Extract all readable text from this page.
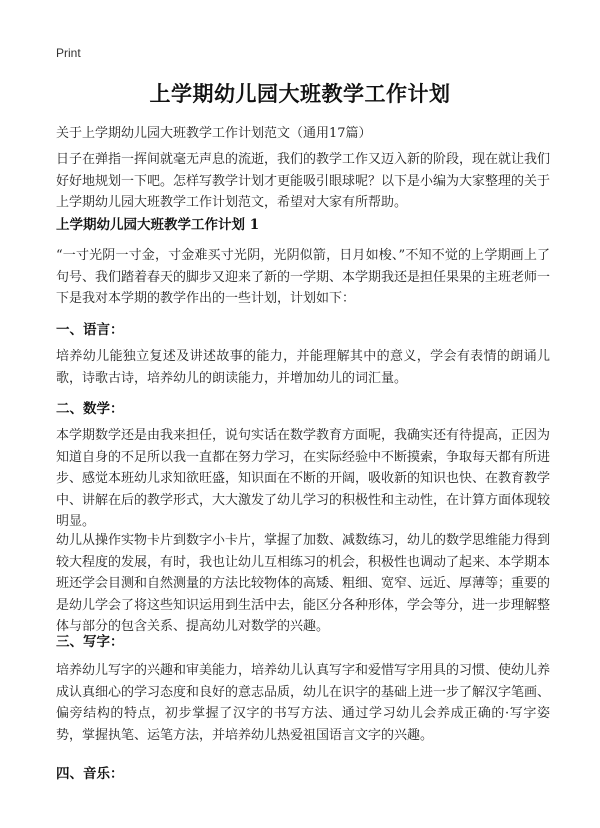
Print
上学期幼儿园大班教学工作计划
关于上学期幼儿园大班教学工作计划范文（通用17篇）
日子在弹指一挥间就毫无声息的流逝，我们的教学工作又迈入新的阶段，现在就让我们好好地规划一下吧。怎样写教学计划才更能吸引眼球呢？以下是小编为大家整理的关于上学期幼儿园大班教学工作计划范文，希望对大家有所帮助。
上学期幼儿园大班教学工作计划 1
“一寸光阴一寸金，寸金难买寸光阴，光阴似箭，日月如梭、”不知不觉的上学期画上了句号、我们踏着春天的脚步又迎来了新的一学期、本学期我还是担任果果的主班老师一下是我对本学期的教学作出的一些计划，计划如下：
一、语言：
培养幼儿能独立复述及讲述故事的能力，并能理解其中的意义，学会有表情的朗诵儿歌，诗歌古诗，培养幼儿的朗读能力，并增加幼儿的词汇量。
二、数学：
本学期数学还是由我来担任，说句实话在数学教育方面呢，我确实还有待提高，正因为知道自身的不足所以我一直都在努力学习，在实际经验中不断摸索，争取每天都有所进步、感觉本班幼儿求知欲旺盛，知识面在不断的开阔，吸收新的知识也快、在教育教学中、讲解在后的教学形式，大大激发了幼儿学习的积极性和主动性，在计算方面体现较明显。
幼儿从操作实物卡片到数字小卡片，掌握了加数、减数练习，幼儿的数学思维能力得到较大程度的发展，有时，我也让幼儿互相练习的机会，积极性也调动了起来、本学期本班还学会目测和自然测量的方法比较物体的高矮、粗细、宽窄、远近、厚薄等；重要的是幼儿学会了将这些知识运用到生活中去，能区分各种形体，学会等分，进一步理解整体与部分的包含关系、提高幼儿对数学的兴趣。
三、写字：
培养幼儿写字的兴趣和审美能力，培养幼儿认真写字和爱惜写字用具的习惯、使幼儿养成认真细心的学习态度和良好的意志品质，幼儿在识字的基础上进一步了解汉字笔画、偏旁结构的特点，初步掌握了汉字的书写方法、通过学习幼儿会养成正确的·写字姿势，掌握执笔、运笔方法，并培养幼儿热爱祖国语言文字的兴趣。
四、音乐：
